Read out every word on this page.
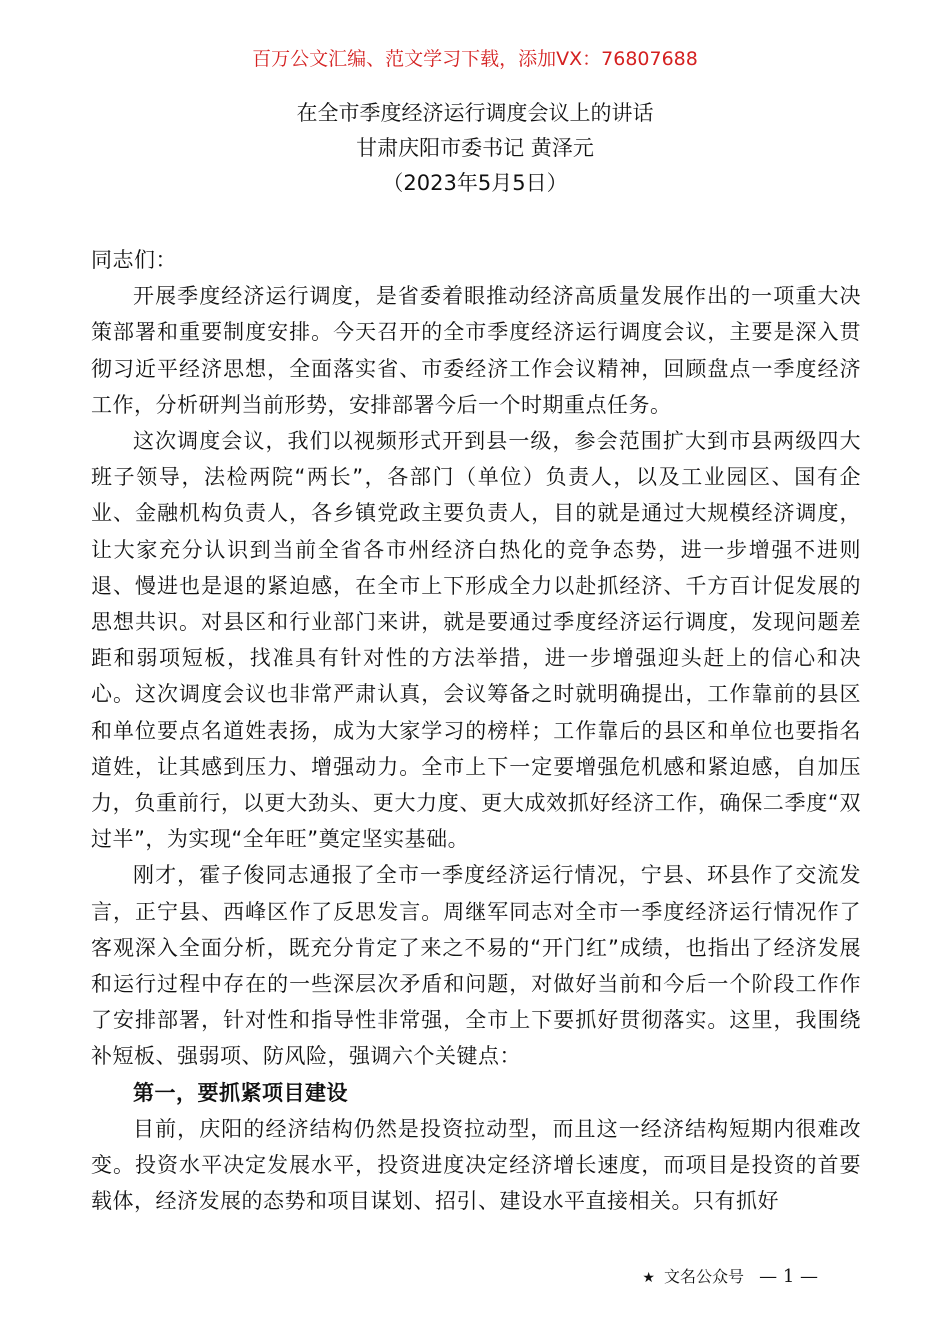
百万公文汇编、范文学习下载，添加VX：76807688
在全市季度经济运行调度会议上的讲话
甘肃庆阳市委书记 黄泽元
（2023年5月5日）

同志们：

开展季度经济运行调度，是省委着眼推动经济高质量发展作出的一项重大决策部署和重要制度安排。今天召开的全市季度经济运行调度会议，主要是深入贯彻习近平经济思想，全面落实省、市委经济工作会议精神，回顾盘点一季度经济工作，分析研判当前形势，安排部署今后一个时期重点任务。

这次调度会议，我们以视频形式开到县一级，参会范围扩大到市县两级四大班子领导，法检两院“两长”，各部门（单位）负责人，以及工业园区、国有企业、金融机构负责人，各乡镇党政主要负责人，目的就是通过大规模经济调度，让大家充分认识到当前全省各市州经济白热化的竞争态势，进一步增强不进则退、慢进也是退的紧迫感，在全市上下形成全力以赴抓经济、千方百计促发展的思想共识。对县区和行业部门来讲，就是要通过季度经济运行调度，发现问题差距和弱项短板，找准具有针对性的方法举措，进一步增强迎头赶上的信心和决心。这次调度会议也非常严肃认真，会议筹备之时就明确提出，工作靠前的县区和单位要点名道姓表扬，成为大家学习的榜样；工作靠后的县区和单位也要指名道姓，让其感到压力、增强动力。全市上下一定要增强危机感和紧迫感，自加压力，负重前行，以更大劲头、更大力度、更大成效抓好经济工作，确保二季度“双过半”，为实现“全年旺”奠定坚实基础。

刚才，霍子俊同志通报了全市一季度经济运行情况，宁县、环县作了交流发言，正宁县、西峰区作了反思发言。周继军同志对全市一季度经济运行情况作了客观深入全面分析，既充分肯定了来之不易的“开门红”成绩，也指出了经济发展和运行过程中存在的一些深层次矛盾和问题，对做好当前和今后一个阶段工作作了安排部署，针对性和指导性非常强，全市上下要抓好贯彻落实。这里，我围绕补短板、强弱项、防风险，强调六个关键点：

第一，要抓紧项目建设

目前，庆阳的经济结构仍然是投资拉动型，而且这一经济结构短期内很难改变。投资水平决定发展水平，投资进度决定经济增长速度，而项目是投资的首要载体，经济发展的态势和项目谋划、招引、建设水平直接相关。只有抓好

★ 文名公众号 — 1 —
